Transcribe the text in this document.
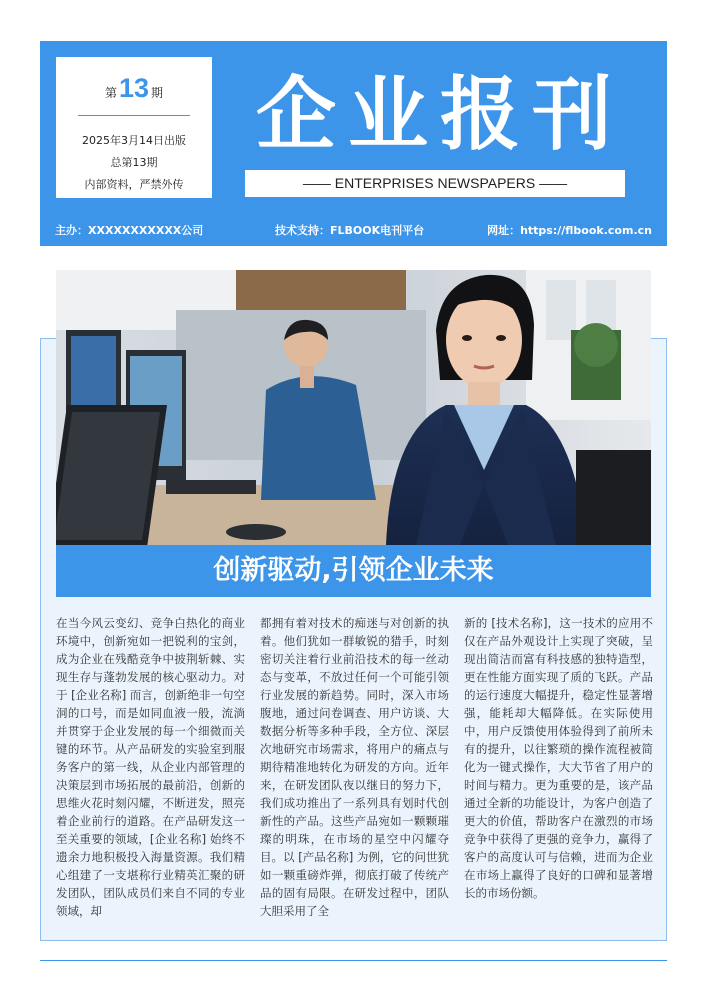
第13 期
2025年3月14日出版
总第13期
内部资料，严禁外传
企业报刊
—— ENTERPRISES NEWSPAPERS ——
主办：XXXXXXXXXXX公司	技术支持：FLBOOK电刊平台	网址：https://flbook.com.cn
创新驱动,引领企业未来

在当今风云变幻、竞争白热化的商业环境中，创新宛如一把锐利的宝剑，成为企业在残酷竞争中披荆斩棘、实现生存与蓬勃发展的核心驱动力。对于 [企业名称] 而言，创新绝非一句空洞的口号，而是如同血液一般，流淌并贯穿于企业发展的每一个细微而关键的环节。从产品研发的实验室到服务客户的第一线，从企业内部管理的决策层到市场拓展的最前沿，创新的思维火花时刻闪耀，不断迸发，照亮着企业前行的道路。在产品研发这一至关重要的领域，[企业名称] 始终不遗余力地积极投入海量资源。我们精心组建了一支堪称行业精英汇聚的研发团队，团队成员们来自不同的专业领域，却

都拥有着对技术的痴迷与对创新的执着。他们犹如一群敏锐的猎手，时刻密切关注着行业前沿技术的每一丝动态与变革，不放过任何一个可能引领行业发展的新趋势。同时，深入市场腹地，通过问卷调查、用户访谈、大数据分析等多种手段，全方位、深层次地研究市场需求，将用户的痛点与期待精准地转化为研发的方向。近年来，在研发团队夜以继日的努力下，我们成功推出了一系列具有划时代创新性的产品。这些产品宛如一颗颗璀璨的明珠，在市场的星空中闪耀夺目。以 [产品名称] 为例，它的问世犹如一颗重磅炸弹，彻底打破了传统产品的固有局限。在研发过程中，团队大胆采用了全

新的 [技术名称]，这一技术的应用不仅在产品外观设计上实现了突破，呈现出简洁而富有科技感的独特造型，更在性能方面实现了质的飞跃。产品的运行速度大幅提升，稳定性显著增强，能耗却大幅降低。在实际使用中，用户反馈使用体验得到了前所未有的提升，以往繁琐的操作流程被简化为一键式操作，大大节省了用户的时间与精力。更为重要的是，该产品通过全新的功能设计，为客户创造了更大的价值，帮助客户在激烈的市场竞争中获得了更强的竞争力，赢得了客户的高度认可与信赖，进而为企业在市场上赢得了良好的口碑和显著增长的市场份额。
